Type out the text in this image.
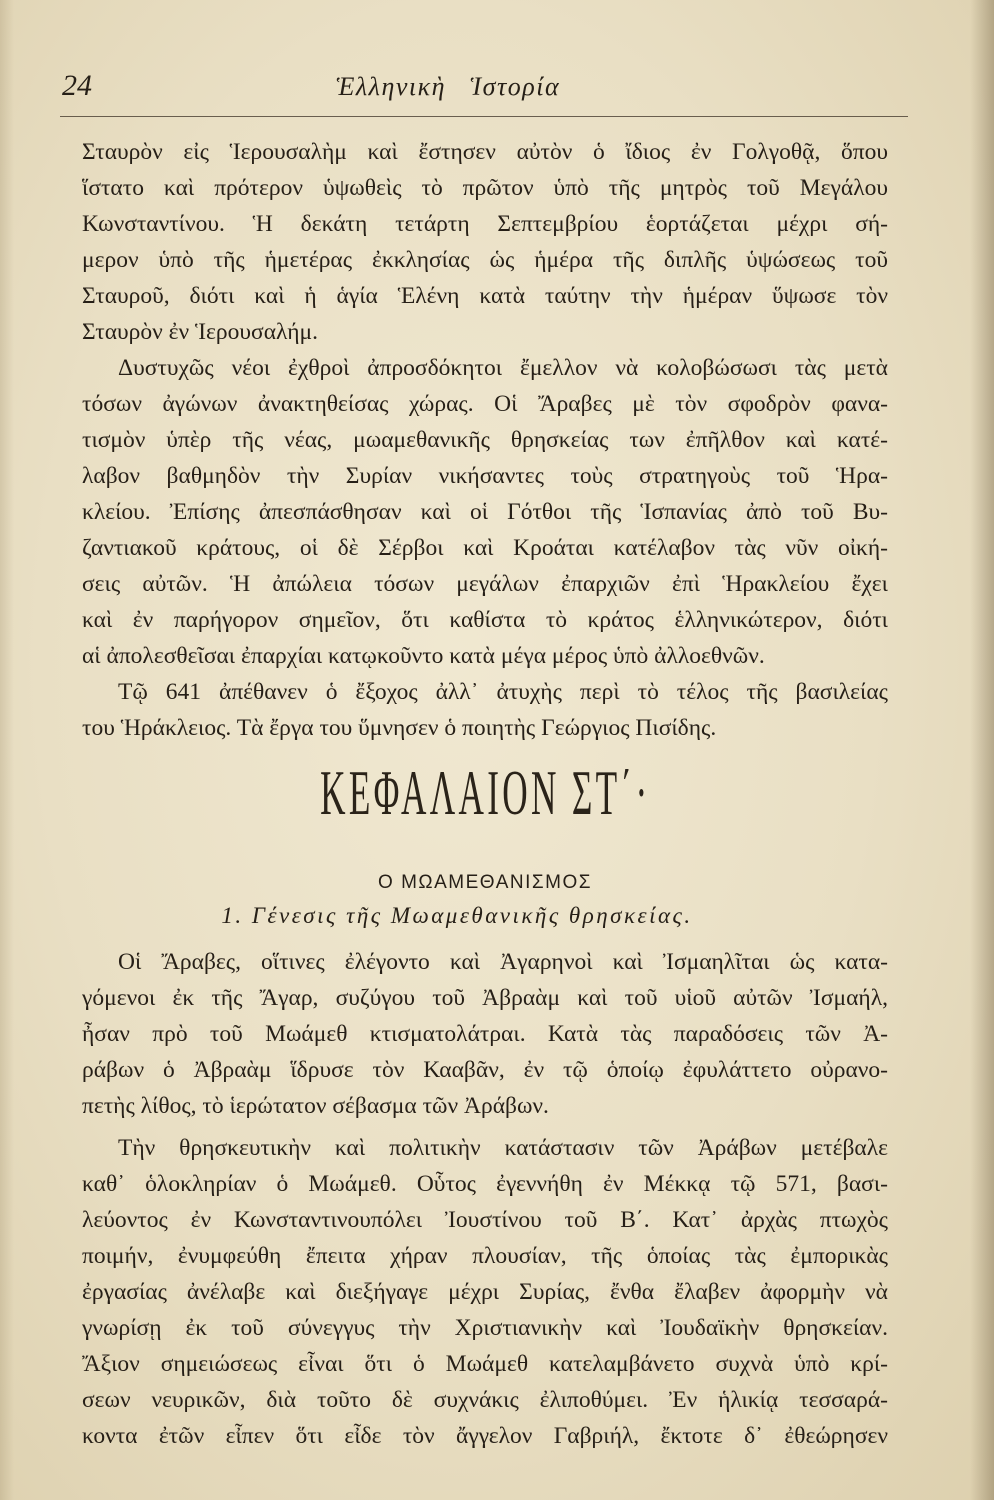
24	Ἑλληνικὴ Ἱστορία
Σταυρὸν εἰς Ἱερουσαλὴμ καὶ ἔστησεν αὐτὸν ὁ ἴδιος ἐν Γολγοθᾷ, ὅπου
ἵστατο καὶ πρότερον ὑψωθεὶς τὸ πρῶτον ὑπὸ τῆς μητρὸς τοῦ Μεγάλου
Κωνσταντίνου. Ἡ δεκάτη τετάρτη Σεπτεμβρίου ἑορτάζεται μέχρι σή-
μερον ὑπὸ τῆς ἡμετέρας ἐκκλησίας ὡς ἡμέρα τῆς διπλῆς ὑψώσεως τοῦ
Σταυροῦ, διότι καὶ ἡ ἁγία Ἑλένη κατὰ ταύτην τὴν ἡμέραν ὕψωσε τὸν
Σταυρὸν ἐν Ἱερουσαλήμ.
Δυστυχῶς νέοι ἐχθροὶ ἀπροσδόκητοι ἔμελλον νὰ κολοβώσωσι τὰς μετὰ
τόσων ἀγώνων ἀνακτηθείσας χώρας. Οἱ Ἄραβες μὲ τὸν σφοδρὸν φανα-
τισμὸν ὑπὲρ τῆς νέας, μωαμεθανικῆς θρησκείας των ἐπῆλθον καὶ κατέ-
λαβον βαθμηδὸν τὴν Συρίαν νικήσαντες τοὺς στρατηγοὺς τοῦ Ἡρα-
κλείου. Ἐπίσης ἀπεσπάσθησαν καὶ οἱ Γότθοι τῆς Ἱσπανίας ἀπὸ τοῦ Βυ-
ζαντιακοῦ κράτους, οἱ δὲ Σέρβοι καὶ Κροάται κατέλαβον τὰς νῦν οἰκή-
σεις αὐτῶν. Ἡ ἀπώλεια τόσων μεγάλων ἐπαρχιῶν ἐπὶ Ἡρακλείου ἔχει
καὶ ἐν παρήγορον σημεῖον, ὅτι καθίστα τὸ κράτος ἑλληνικώτερον, διότι
αἱ ἀπολεσθεῖσαι ἐπαρχίαι κατῳκοῦντο κατὰ μέγα μέρος ὑπὸ ἀλλοεθνῶν.
Τῷ 641 ἀπέθανεν ὁ ἔξοχος ἀλλ᾿ ἀτυχὴς περὶ τὸ τέλος τῆς βασιλείας
του Ἡράκλειος. Τὰ ἔργα του ὕμνησεν ὁ ποιητὴς Γεώργιος Πισίδης.
ΚΕΦΑΛΑΙΟΝ ΣΤ΄·
Ο ΜΩΑΜΕΘΑΝΙΣΜΟΣ
1. Γένεσις τῆς Μωαμεθανικῆς θρησκείας.
Οἱ Ἄραβες, οἵτινες ἐλέγοντο καὶ Ἀγαρηνοὶ καὶ Ἰσμαηλῖται ὡς κατα-
γόμενοι ἐκ τῆς Ἄγαρ, συζύγου τοῦ Ἀβραὰμ καὶ τοῦ υἱοῦ αὐτῶν Ἰσμαήλ,
ἦσαν πρὸ τοῦ Μωάμεθ κτισματολάτραι. Κατὰ τὰς παραδόσεις τῶν Ἀ-
ράβων ὁ Ἀβραὰμ ἵδρυσε τὸν Κααβᾶν, ἐν τῷ ὁποίῳ ἐφυλάττετο οὐρανο-
πετὴς λίθος, τὸ ἱερώτατον σέβασμα τῶν Ἀράβων.
Τὴν θρησκευτικὴν καὶ πολιτικὴν κατάστασιν τῶν Ἀράβων μετέβαλε
καθ᾿ ὁλοκληρίαν ὁ Μωάμεθ. Οὗτος ἐγεννήθη ἐν Μέκκᾳ τῷ 571, βασι-
λεύοντος ἐν Κωνσταντινουπόλει Ἰουστίνου τοῦ Β΄. Κατ᾿ ἀρχὰς πτωχὸς
ποιμήν, ἐνυμφεύθη ἔπειτα χήραν πλουσίαν, τῆς ὁποίας τὰς ἐμπορικὰς
ἐργασίας ἀνέλαβε καὶ διεξήγαγε μέχρι Συρίας, ἔνθα ἔλαβεν ἀφορμὴν νὰ
γνωρίσῃ ἐκ τοῦ σύνεγγυς τὴν Χριστιανικὴν καὶ Ἰουδαϊκὴν θρησκείαν.
Ἄξιον σημειώσεως εἶναι ὅτι ὁ Μωάμεθ κατελαμβάνετο συχνὰ ὑπὸ κρί-
σεων νευρικῶν, διὰ τοῦτο δὲ συχνάκις ἐλιποθύμει. Ἐν ἡλικίᾳ τεσσαρά-
κοντα ἐτῶν εἶπεν ὅτι εἶδε τὸν ἄγγελον Γαβριήλ, ἔκτοτε δ᾿ ἐθεώρησεν
